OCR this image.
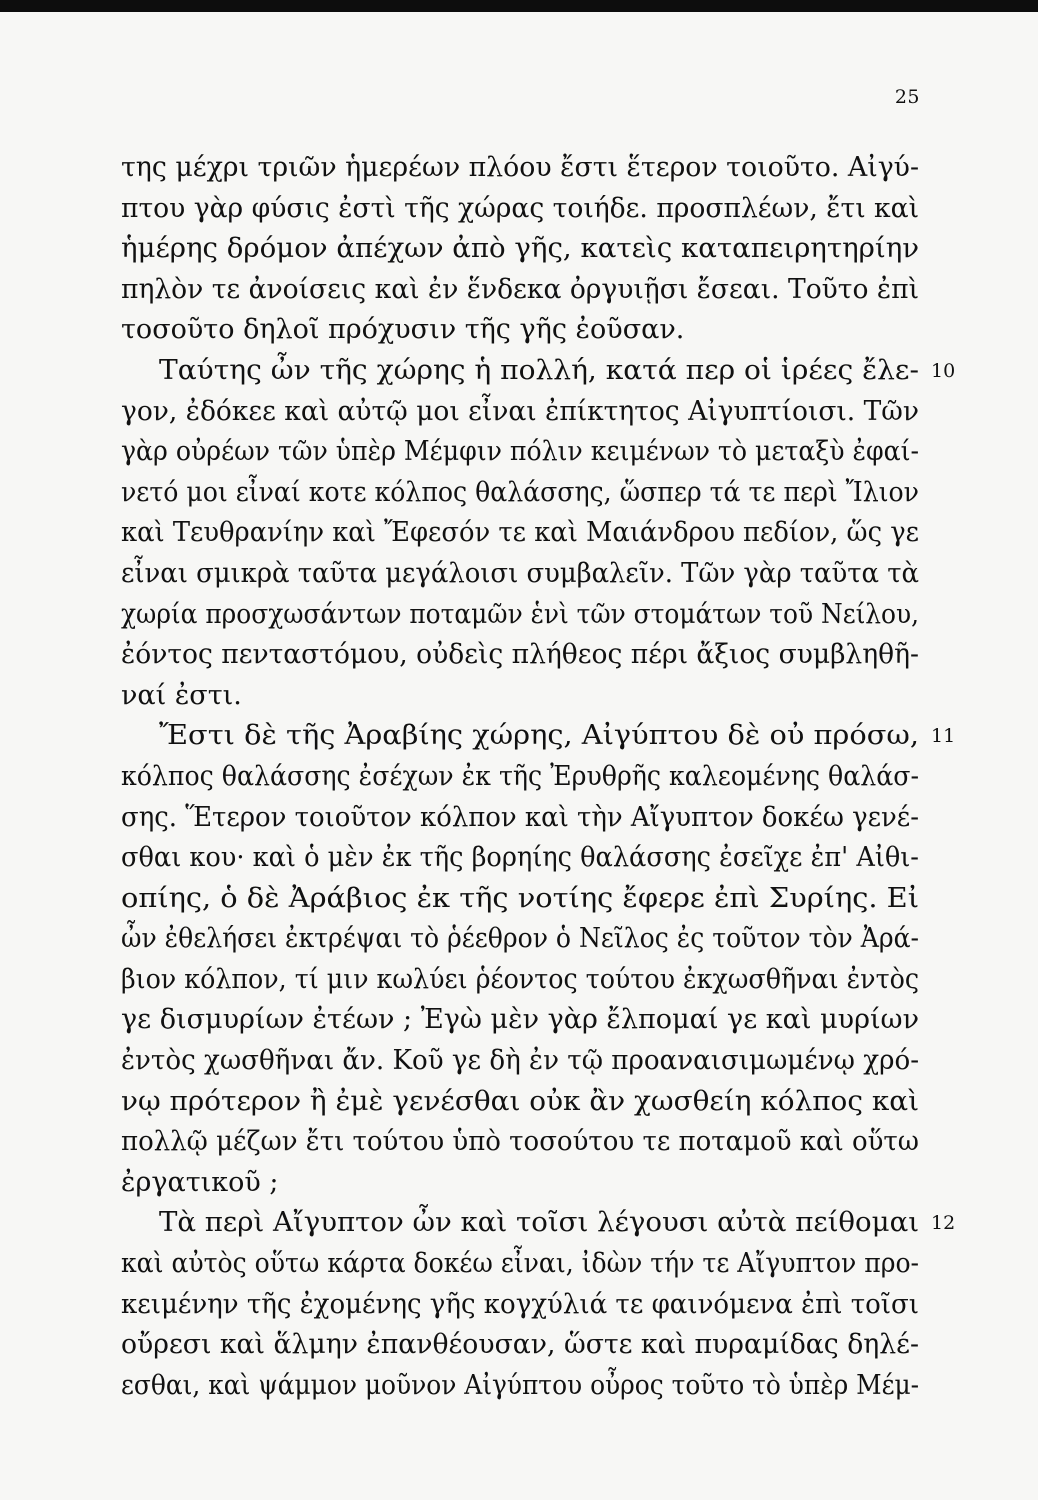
25
της μέχρι τριῶν ἡμερέων πλόου ἔστι ἕτερον τοιοῦτο. Αἰγύ-
πτου γὰρ φύσις ἐστὶ τῆς χώρας τοιήδε. προσπλέων, ἔτι καὶ
ἡμέρης δρόμον ἀπέχων ἀπὸ γῆς, κατεὶς καταπειρητηρίην
πηλὸν τε ἀνοίσεις καὶ ἐν ἕνδεκα ὀργυιῇσι ἔσεαι. Τοῦτο ἐπὶ
τοσοῦτο δηλοῖ πρόχυσιν τῆς γῆς ἐοῦσαν.
Ταύτης ὦν τῆς χώρης ἡ πολλή, κατά περ οἱ ἱρέες ἔλε- 10
γον, ἐδόκεε καὶ αὐτῷ μοι εἶναι ἐπίκτητος Αἰγυπτίοισι. Τῶν
γὰρ οὐρέων τῶν ὑπὲρ Μέμφιν πόλιν κειμένων τὸ μεταξὺ ἐφαί-
νετό μοι εἶναί κοτε κόλπος θαλάσσης, ὥσπερ τά τε περὶ Ἴλιον
καὶ Τευθρανίην καὶ Ἔφεσόν τε καὶ Μαιάνδρου πεδίον, ὥς γε
εἶναι σμικρὰ ταῦτα μεγάλοισι συμβαλεῖν. Τῶν γὰρ ταῦτα τὰ
χωρία προσχωσάντων ποταμῶν ἑνὶ τῶν στομάτων τοῦ Νείλου,
ἐόντος πενταστόμου, οὐδεὶς πλήθεος πέρι ἄξιος συμβληθῆ-
ναί ἐστι.
Ἔστι δὲ τῆς Ἀραβίης χώρης, Αἰγύπτου δὲ οὐ πρόσω, 11
κόλπος θαλάσσης ἐσέχων ἐκ τῆς Ἐρυθρῆς καλεομένης θαλάσ-
σης. Ἕτερον τοιοῦτον κόλπον καὶ τὴν Αἴγυπτον δοκέω γενέ-
σθαι κου· καὶ ὁ μὲν ἐκ τῆς βορηίης θαλάσσης ἐσεῖχε ἐπ' Αἰθι-
οπίης, ὁ δὲ Ἀράβιος ἐκ τῆς νοτίης ἔφερε ἐπὶ Συρίης. Εἰ
ὦν ἐθελήσει ἐκτρέψαι τὸ ῥέεθρον ὁ Νεῖλος ἐς τοῦτον τὸν Ἀρά-
βιον κόλπον, τί μιν κωλύει ῥέοντος τούτου ἐκχωσθῆναι ἐντὸς
γε δισμυρίων ἐτέων ; Ἐγὼ μὲν γὰρ ἔλπομαί γε καὶ μυρίων
ἐντὸς χωσθῆναι ἄν. Κοῦ γε δὴ ἐν τῷ προαναισιμωμένῳ χρό-
νῳ πρότερον ἢ ἐμὲ γενέσθαι οὐκ ἂν χωσθείη κόλπος καὶ
πολλῷ μέζων ἔτι τούτου ὑπὸ τοσούτου τε ποταμοῦ καὶ οὕτω
ἐργατικοῦ ;
Τὰ περὶ Αἴγυπτον ὦν καὶ τοῖσι λέγουσι αὐτὰ πείθομαι 12
καὶ αὐτὸς οὕτω κάρτα δοκέω εἶναι, ἰδὼν τήν τε Αἴγυπτον προ-
κειμένην τῆς ἐχομένης γῆς κογχύλιά τε φαινόμενα ἐπὶ τοῖσι
οὔρεσι καὶ ἅλμην ἐπανθέουσαν, ὥστε καὶ πυραμίδας δηλέ-
εσθαι, καὶ ψάμμον μοῦνον Αἰγύπτου οὖρος τοῦτο τὸ ὑπὲρ Μέμ-
